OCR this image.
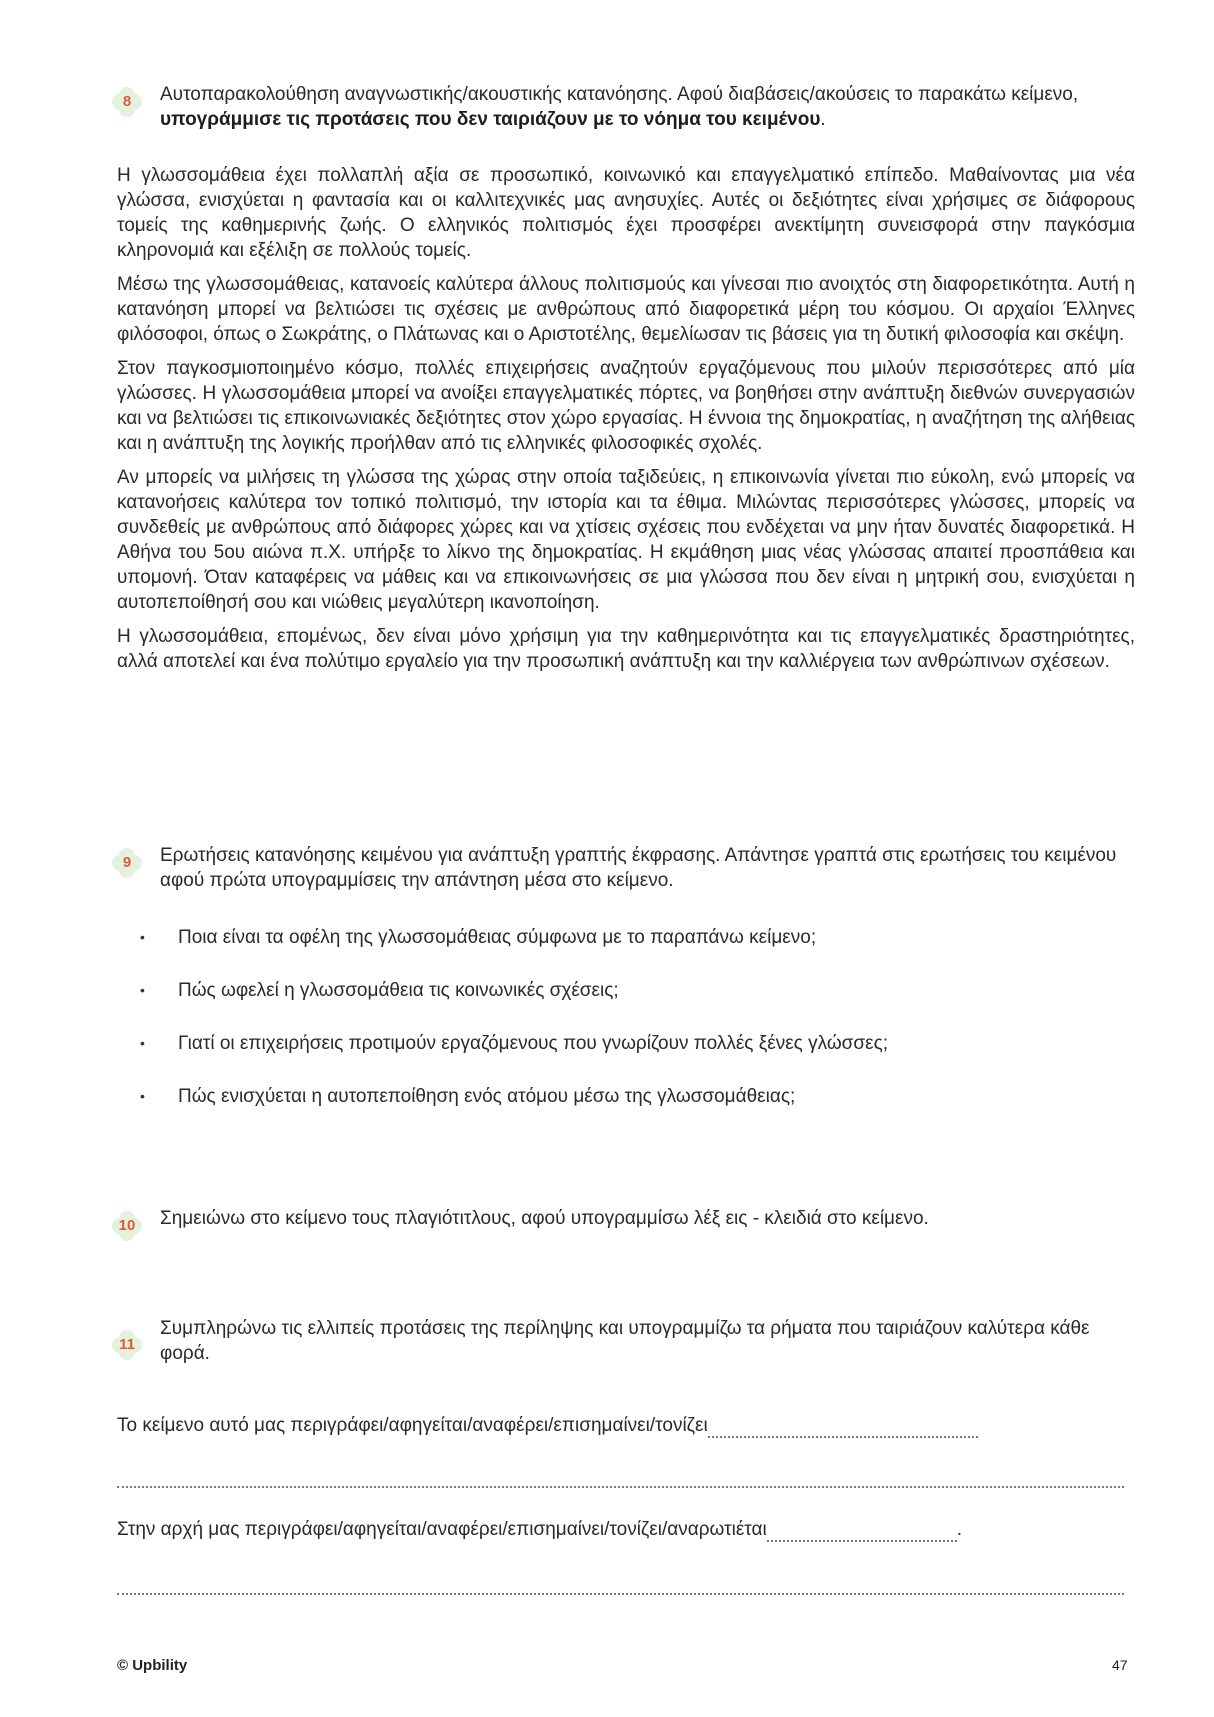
8	Αυτοπαρακολούθηση αναγνωστικής/ακουστικής κατανόησης. Αφού διαβάσεις/ακούσεις το παρακάτω κείμενο, υπογράμμισε τις προτάσεις που δεν ταιριάζουν με το νόημα του κειμένου.

Η γλωσσομάθεια έχει πολλαπλή αξία σε προσωπικό, κοινωνικό και επαγγελματικό επίπεδο. Μαθαίνοντας μια νέα γλώσσα, ενισχύεται η φαντασία και οι καλλιτεχνικές μας ανησυχίες. Αυτές οι δεξιότητες είναι χρήσιμες σε διάφορους τομείς της καθημερινής ζωής. Ο ελληνικός πολιτισμός έχει προσφέρει ανεκτίμητη συνεισφορά στην παγκόσμια κληρονομιά και εξέλιξη σε πολλούς τομείς.

Μέσω της γλωσσομάθειας, κατανοείς καλύτερα άλλους πολιτισμούς και γίνεσαι πιο ανοιχτός στη διαφορετικότητα. Αυτή η κατανόηση μπορεί να βελτιώσει τις σχέσεις με ανθρώπους από διαφορετικά μέρη του κόσμου. Οι αρχαίοι Έλληνες φιλόσοφοι, όπως ο Σωκράτης, ο Πλάτωνας και ο Αριστοτέλης, θεμελίωσαν τις βάσεις για τη δυτική φιλοσοφία και σκέψη.

Στον παγκοσμιοποιημένο κόσμο, πολλές επιχειρήσεις αναζητούν εργαζόμενους που μιλούν περισσότερες από μία γλώσσες. Η γλωσσομάθεια μπορεί να ανοίξει επαγγελματικές πόρτες, να βοηθήσει στην ανάπτυξη διεθνών συνεργασιών και να βελτιώσει τις επικοινωνιακές δεξιότητες στον χώρο εργασίας. Η έννοια της δημοκρατίας, η αναζήτηση της αλήθειας και η ανάπτυξη της λογικής προήλθαν από τις ελληνικές φιλοσοφικές σχολές.

Αν μπορείς να μιλήσεις τη γλώσσα της χώρας στην οποία ταξιδεύεις, η επικοινωνία γίνεται πιο εύκολη, ενώ μπορείς να κατανοήσεις καλύτερα τον τοπικό πολιτισμό, την ιστορία και τα έθιμα. Μιλώντας περισσότερες γλώσσες, μπορείς να συνδεθείς με ανθρώπους από διάφορες χώρες και να χτίσεις σχέσεις που ενδέχεται να μην ήταν δυνατές διαφορετικά. Η Αθήνα του 5ου αιώνα π.Χ. υπήρξε το λίκνο της δημοκρατίας. Η εκμάθηση μιας νέας γλώσσας απαιτεί προσπάθεια και υπομονή. Όταν καταφέρεις να μάθεις και να επικοινωνήσεις σε μια γλώσσα που δεν είναι η μητρική σου, ενισχύεται η αυτοπεποίθησή σου και νιώθεις μεγαλύτερη ικανοποίηση.

Η γλωσσομάθεια, επομένως, δεν είναι μόνο χρήσιμη για την καθημερινότητα και τις επαγγελματικές δραστηριότητες, αλλά αποτελεί και ένα πολύτιμο εργαλείο για την προσωπική ανάπτυξη και την καλλιέργεια των ανθρώπινων σχέσεων.

9	Ερωτήσεις κατανόησης κειμένου για ανάπτυξη γραπτής έκφρασης. Απάντησε γραπτά στις ερωτήσεις του κειμένου αφού πρώτα υπογραμμίσεις την απάντηση μέσα στο κείμενο.
• Ποια είναι τα οφέλη της γλωσσομάθειας σύμφωνα με το παραπάνω κείμενο;
• Πώς ωφελεί η γλωσσομάθεια τις κοινωνικές σχέσεις;
• Γιατί οι επιχειρήσεις προτιμούν εργαζόμενους που γνωρίζουν πολλές ξένες γλώσσες;
• Πώς ενισχύεται η αυτοπεποίθηση ενός ατόμου μέσω της γλωσσομάθειας;
10	Σημειώνω στο κείμενο τους πλαγιότιτλους, αφού υπογραμμίσω λέξ εις - κλειδιά στο κείμενο.
11
Συμπληρώνω τις ελλιπείς προτάσεις της περίληψης και υπογραμμίζω τα ρήματα που ταιριάζουν καλύτερα κάθε φορά.
Το κείμενο αυτό μας περιγράφει/αφηγείται/αναφέρει/επισημαίνει/τονίζει
Στην αρχή μας περιγράφει/αφηγείται/αναφέρει/επισημαίνει/τονίζει/αναρωτιέται	.
© Upbility	47
